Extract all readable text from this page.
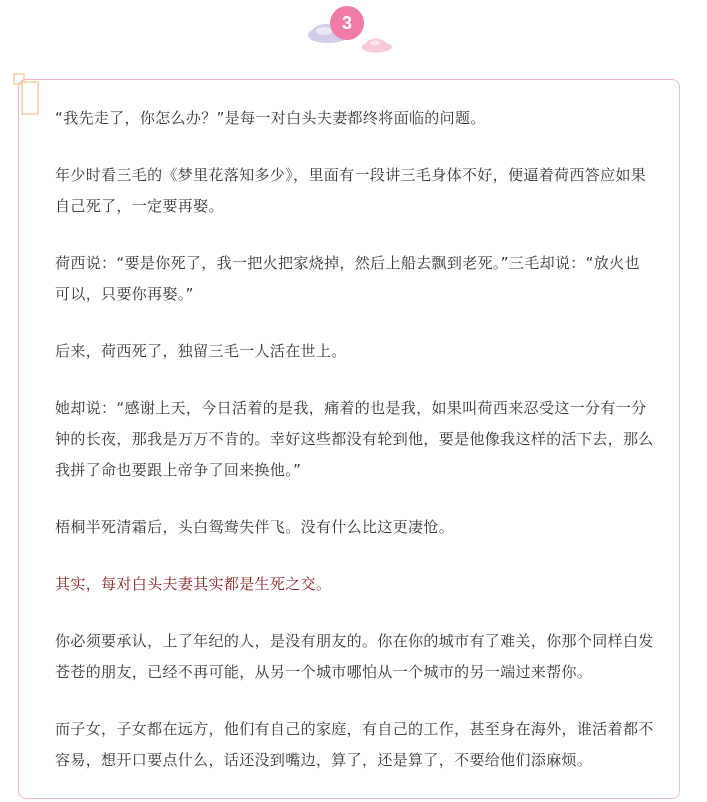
3

“我先走了，你怎么办？”是每一对白头夫妻都终将面临的问题。

年少时看三毛的《梦里花落知多少》，里面有一段讲三毛身体不好，便逼着荷西答应如果自己死了，一定要再娶。

荷西说：“要是你死了，我一把火把家烧掉，然后上船去飘到老死。”三毛却说：“放火也可以，只要你再娶。”

后来，荷西死了，独留三毛一人活在世上。

她却说：“感谢上天，今日活着的是我，痛着的也是我，如果叫荷西来忍受这一分有一分钟的长夜，那我是万万不肯的。幸好这些都没有轮到他，要是他像我这样的活下去，那么我拼了命也要跟上帝争了回来换他。”

梧桐半死清霜后，头白鸳鸯失伴飞。没有什么比这更凄怆。

其实，每对白头夫妻其实都是生死之交。

你必须要承认，上了年纪的人，是没有朋友的。你在你的城市有了难关，你那个同样白发苍苍的朋友，已经不再可能，从另一个城市哪怕从一个城市的另一端过来帮你。

而子女，子女都在远方，他们有自己的家庭，有自己的工作，甚至身在海外，谁活着都不容易，想开口要点什么，话还没到嘴边，算了，还是算了，不要给他们添麻烦。
